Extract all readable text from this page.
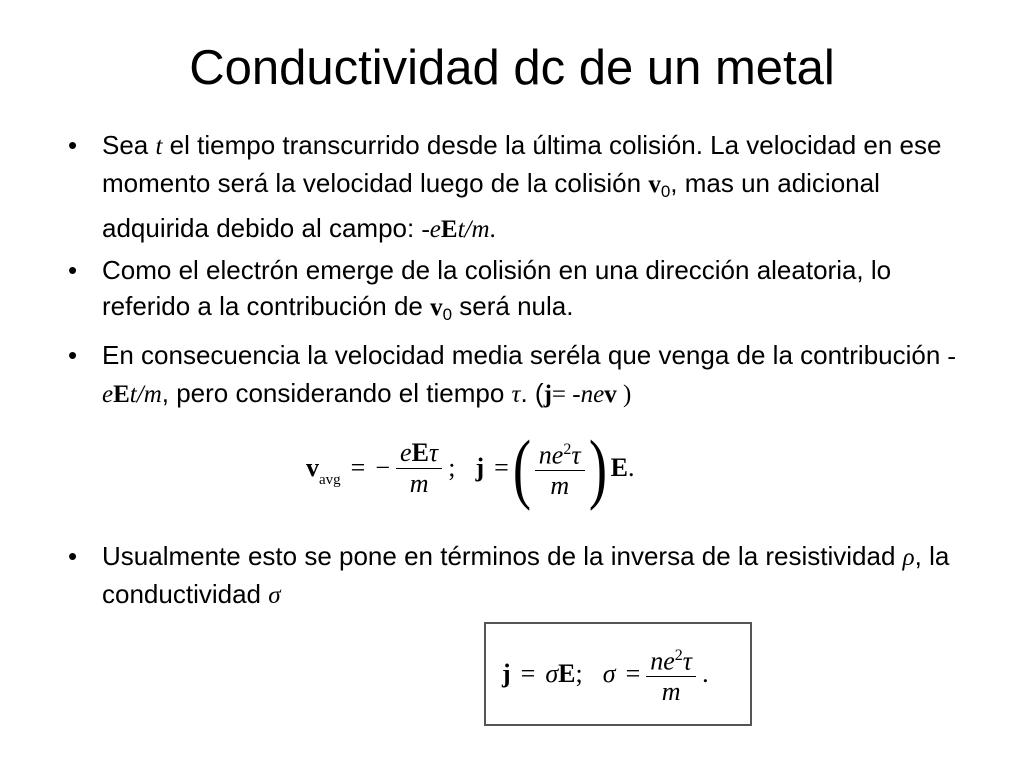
Conductividad dc de un metal
• Sea t el tiempo transcurrido desde la última colisión. La velocidad en ese momento será la velocidad luego de la colisión $v_0$, mas un adicional adquirida debido al campo: -eEt/m.
• Como el electrón emerge de la colisión en una dirección aleatoria, lo referido a la contribución de $v_0$ será nula.
• En consecuencia la velocidad media seréla que venga de la contribución -eEt/m, pero considerando el tiempo τ. (j= -nev )
v avg = − $\frac{\text{eEτ}}{m}$ ; j = ( $\frac{ne^2\tau}{m}$ ) E .
• Usualmente esto se pone en términos de la inversa de la resistividad ρ, la conductividad σ
j = σ E ; $\sigma = \frac{ne^2\tau}{m}$ .
